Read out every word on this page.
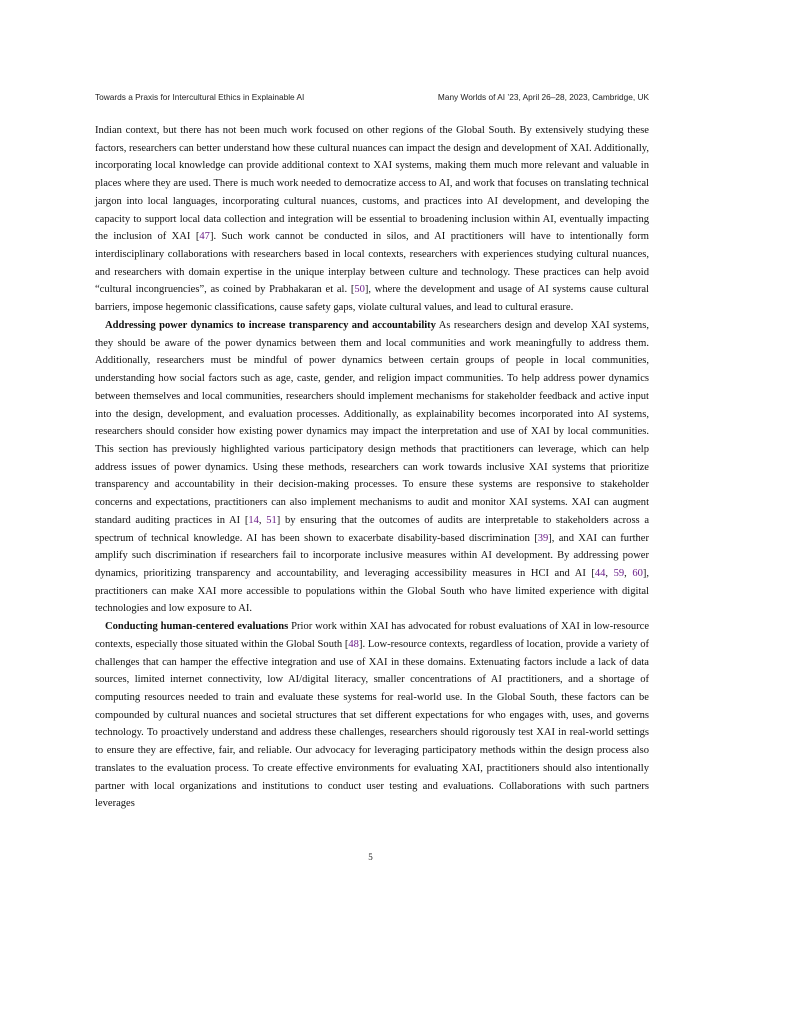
Towards a Praxis for Intercultural Ethics in Explainable AI	Many Worlds of AI ’23, April 26–28, 2023, Cambridge, UK

Indian context, but there has not been much work focused on other regions of the Global South. By extensively studying these factors, researchers can better understand how these cultural nuances can impact the design and development of XAI. Additionally, incorporating local knowledge can provide additional context to XAI systems, making them much more relevant and valuable in places where they are used. There is much work needed to democratize access to AI, and work that focuses on translating technical jargon into local languages, incorporating cultural nuances, customs, and practices into AI development, and developing the capacity to support local data collection and integration will be essential to broadening inclusion within AI, eventually impacting the inclusion of XAI [47]. Such work cannot be conducted in silos, and AI practitioners will have to intentionally form interdisciplinary collaborations with researchers based in local contexts, researchers with experiences studying cultural nuances, and researchers with domain expertise in the unique interplay between culture and technology. These practices can help avoid “cultural incongruencies”, as coined by Prabhakaran et al. [50], where the development and usage of AI systems cause cultural barriers, impose hegemonic classifications, cause safety gaps, violate cultural values, and lead to cultural erasure.

Addressing power dynamics to increase transparency and accountability As researchers design and develop XAI systems, they should be aware of the power dynamics between them and local communities and work meaningfully to address them. Additionally, researchers must be mindful of power dynamics between certain groups of people in local communities, understanding how social factors such as age, caste, gender, and religion impact communities. To help address power dynamics between themselves and local communities, researchers should implement mechanisms for stakeholder feedback and active input into the design, development, and evaluation processes. Additionally, as explainability becomes incorporated into AI systems, researchers should consider how existing power dynamics may impact the interpretation and use of XAI by local communities. This section has previously highlighted various participatory design methods that practitioners can leverage, which can help address issues of power dynamics. Using these methods, researchers can work towards inclusive XAI systems that prioritize transparency and accountability in their decision-making processes. To ensure these systems are responsive to stakeholder concerns and expectations, practitioners can also implement mechanisms to audit and monitor XAI systems. XAI can augment standard auditing practices in AI [14, 51] by ensuring that the outcomes of audits are interpretable to stakeholders across a spectrum of technical knowledge. AI has been shown to exacerbate disability-based discrimination [39], and XAI can further amplify such discrimination if researchers fail to incorporate inclusive measures within AI development. By addressing power dynamics, prioritizing transparency and accountability, and leveraging accessibility measures in HCI and AI [44, 59, 60], practitioners can make XAI more accessible to populations within the Global South who have limited experience with digital technologies and low exposure to AI.

Conducting human-centered evaluations Prior work within XAI has advocated for robust evaluations of XAI in low-resource contexts, especially those situated within the Global South [48]. Low-resource contexts, regardless of location, provide a variety of challenges that can hamper the effective integration and use of XAI in these domains. Extenuating factors include a lack of data sources, limited internet connectivity, low AI/digital literacy, smaller concentrations of AI practitioners, and a shortage of computing resources needed to train and evaluate these systems for real-world use. In the Global South, these factors can be compounded by cultural nuances and societal structures that set different expectations for who engages with, uses, and governs technology. To proactively understand and address these challenges, researchers should rigorously test XAI in real-world settings to ensure they are effective, fair, and reliable. Our advocacy for leveraging participatory methods within the design process also translates to the evaluation process. To create effective environments for evaluating XAI, practitioners should also intentionally partner with local organizations and institutions to conduct user testing and evaluations. Collaborations with such partners leverages

5
